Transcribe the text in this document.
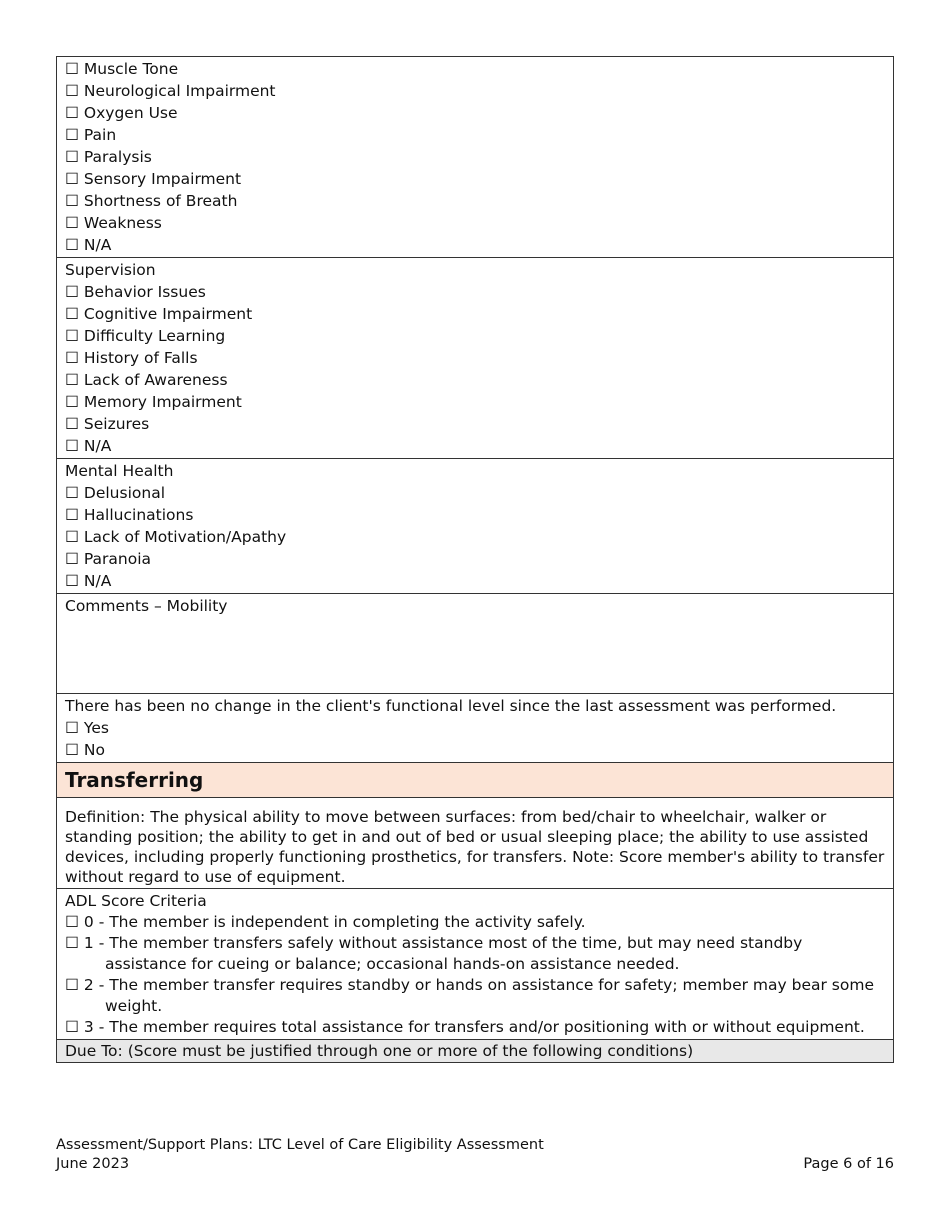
☐ Muscle Tone
☐ Neurological Impairment
☐ Oxygen Use
☐ Pain
☐ Paralysis
☐ Sensory Impairment
☐ Shortness of Breath
☐ Weakness
☐ N/A
Supervision
☐ Behavior Issues
☐ Cognitive Impairment
☐ Difficulty Learning
☐ History of Falls
☐ Lack of Awareness
☐ Memory Impairment
☐ Seizures
☐ N/A
Mental Health
☐ Delusional
☐ Hallucinations
☐ Lack of Motivation/Apathy
☐ Paranoia
☐ N/A
Comments – Mobility
There has been no change in the client's functional level since the last assessment was performed.
☐ Yes
☐ No
Transferring
Definition: The physical ability to move between surfaces: from bed/chair to wheelchair, walker or standing position; the ability to get in and out of bed or usual sleeping place; the ability to use assisted devices, including properly functioning prosthetics, for transfers. Note: Score member's ability to transfer without regard to use of equipment.
ADL Score Criteria
☐ 0 - The member is independent in completing the activity safely.
☐ 1 - The member transfers safely without assistance most of the time, but may need standby assistance for cueing or balance; occasional hands-on assistance needed.
☐ 2 - The member transfer requires standby or hands on assistance for safety; member may bear some weight.
☐ 3 - The member requires total assistance for transfers and/or positioning with or without equipment.
Due To: (Score must be justified through one or more of the following conditions)
Assessment/Support Plans: LTC Level of Care Eligibility Assessment
June 2023	Page 6 of 16
